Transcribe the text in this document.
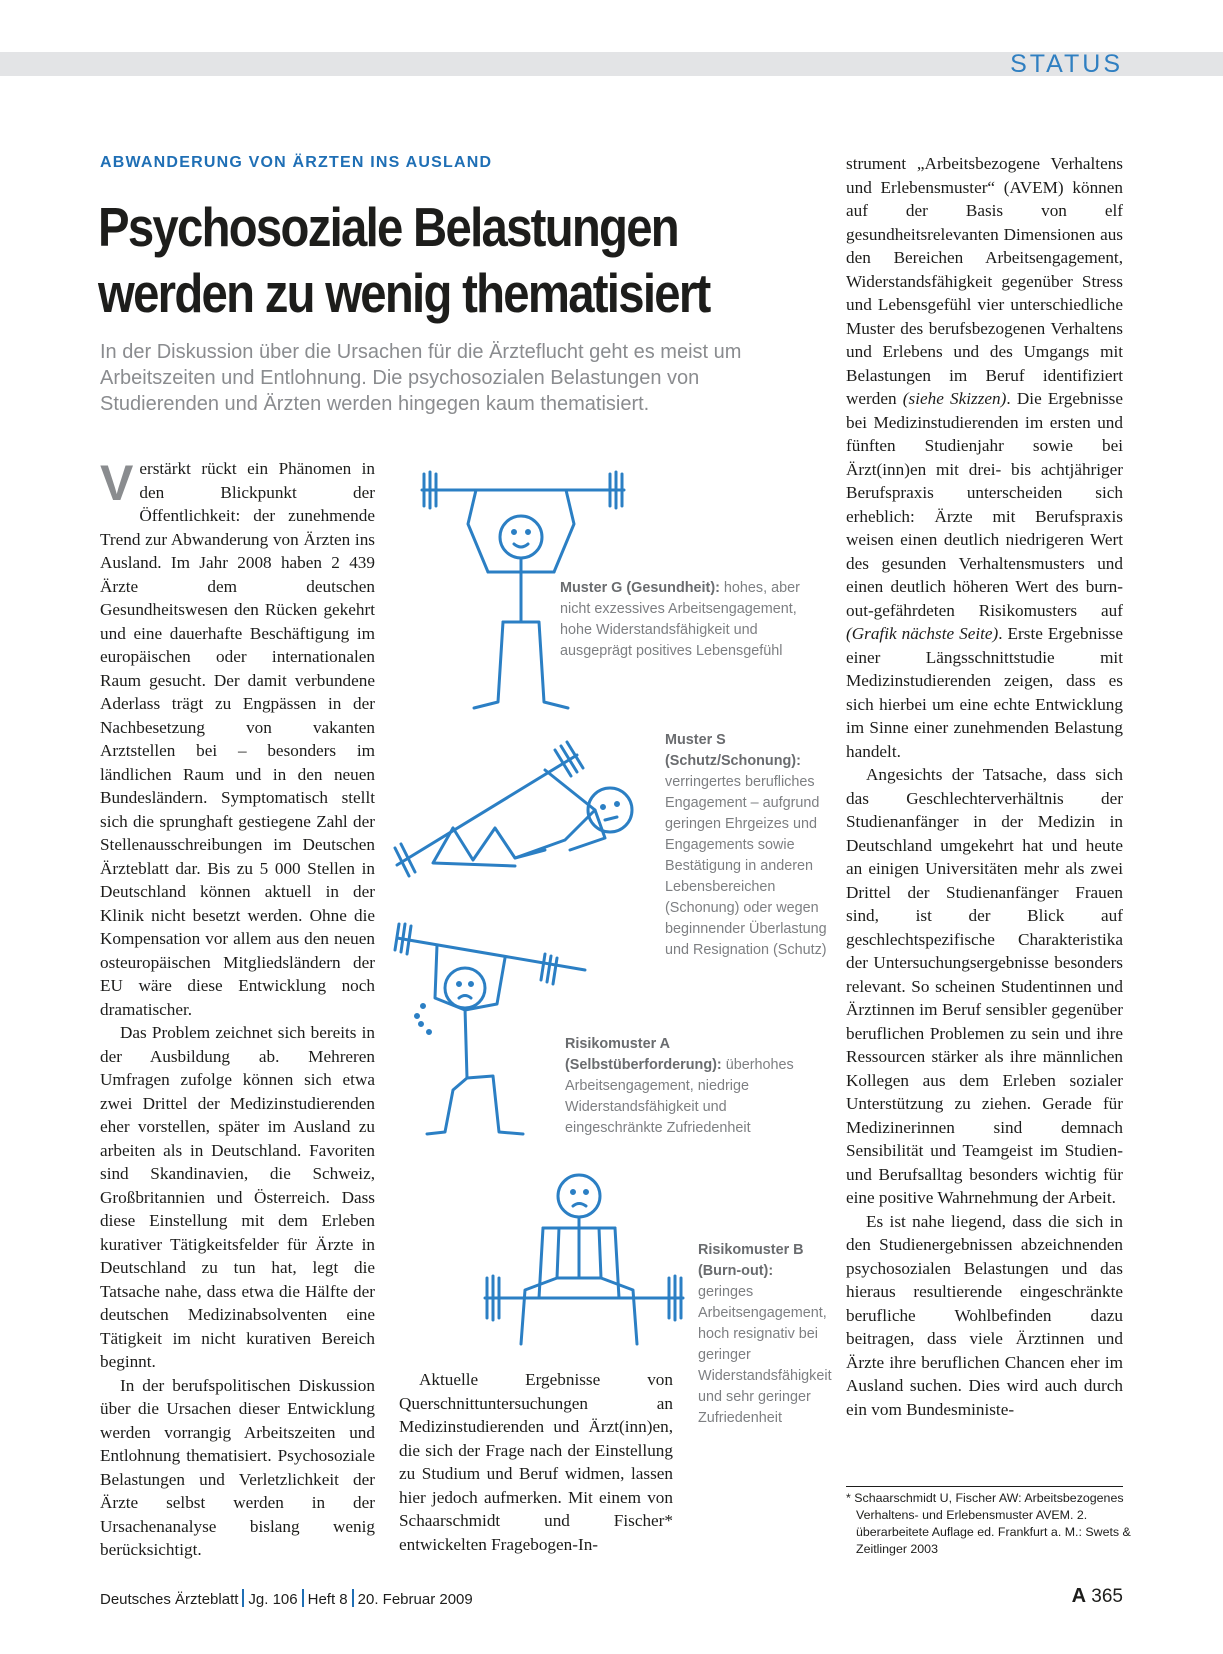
STATUS
ABWANDERUNG VON ÄRZTEN INS AUSLAND
Psychosoziale Belastungen
werden zu wenig thematisiert
In der Diskussion über die Ursachen für die Ärzteflucht geht es meist um Arbeitszeiten und Entlohnung. Die psychosozialen Belastungen von Studierenden und Ärzten werden hingegen kaum thematisiert.

Verstärkt rückt ein Phänomen in den Blickpunkt der Öffentlichkeit: der zunehmende Trend zur Abwanderung von Ärzten ins Ausland. Im Jahr 2008 haben 2 439 Ärzte dem deutschen Gesundheitswesen den Rücken gekehrt und eine dauerhafte Beschäftigung im europäischen oder internationalen Raum gesucht. Der damit verbundene Aderlass trägt zu Engpässen in der Nachbesetzung von vakanten Arztstellen bei – besonders im ländlichen Raum und in den neuen Bundesländern. Symptomatisch stellt sich die sprunghaft gestiegene Zahl der Stellenausschreibungen im Deutschen Ärzteblatt dar. Bis zu 5 000 Stellen in Deutschland können aktuell in der Klinik nicht besetzt werden. Ohne die Kompensation vor allem aus den neuen osteuropäischen Mitgliedsländern der EU wäre diese Entwicklung noch dramatischer.

Das Problem zeichnet sich bereits in der Ausbildung ab. Mehreren Umfragen zufolge können sich etwa zwei Drittel der Medizinstudierenden eher vorstellen, später im Ausland zu arbeiten als in Deutschland. Favoriten sind Skandinavien, die Schweiz, Großbritannien und Österreich. Dass diese Einstellung mit dem Erleben kurativer Tätigkeitsfelder für Ärzte in Deutschland zu tun hat, legt die Tatsache nahe, dass etwa die Hälfte der deutschen Medizinabsolventen eine Tätigkeit im nicht kurativen Bereich beginnt.

In der berufspolitischen Diskussion über die Ursachen dieser Entwicklung werden vorrangig Arbeitszeiten und Entlohnung thematisiert. Psychosoziale Belastungen und Verletzlichkeit der Ärzte selbst werden in der Ursachenanalyse bislang wenig berücksichtigt.

Muster G (Gesundheit): hohes, aber nicht exzessives Arbeitsengagement, hohe Widerstandsfähigkeit und ausgeprägt positives Lebensgefühl
Muster S (Schutz/Schonung): verringertes berufliches Engagement – aufgrund geringen Ehrgeizes und Engagements sowie Bestätigung in anderen Lebensbereichen (Schonung) oder wegen beginnender Überlastung und Resignation (Schutz)
Risikomuster A (Selbstüberforderung): überhohes Arbeitsengagement, niedrige Widerstandsfähigkeit und eingeschränkte Zufriedenheit
Risikomuster B (Burn-out): geringes Arbeitsengagement, hoch resignativ bei geringer Widerstandsfähigkeit und sehr geringer Zufriedenheit

Aktuelle Ergebnisse von Querschnittuntersuchungen an Medizinstudierenden und Ärzt(inn)en, die sich der Frage nach der Einstellung zu Studium und Beruf widmen, lassen hier jedoch aufmerken. Mit einem von Schaarschmidt und Fischer* entwickelten Fragebogen-In-

strument „Arbeitsbezogene Verhaltens und Erlebensmuster“ (AVEM) können auf der Basis von elf gesundheitsrelevanten Dimensionen aus den Bereichen Arbeitsengagement, Widerstandsfähigkeit gegenüber Stress und Lebensgefühl vier unterschiedliche Muster des berufsbezogenen Verhaltens und Erlebens und des Umgangs mit Belastungen im Beruf identifiziert werden (siehe Skizzen). Die Ergebnisse bei Medizinstudierenden im ersten und fünften Studienjahr sowie bei Ärzt(inn)en mit drei- bis achtjähriger Berufspraxis unterscheiden sich erheblich: Ärzte mit Berufspraxis weisen einen deutlich niedrigeren Wert des gesunden Verhaltensmusters und einen deutlich höheren Wert des burn-out-gefährdeten Risikomusters auf (Grafik nächste Seite). Erste Ergebnisse einer Längsschnittstudie mit Medizinstudierenden zeigen, dass es sich hierbei um eine echte Entwicklung im Sinne einer zunehmenden Belastung handelt.

Angesichts der Tatsache, dass sich das Geschlechterverhältnis der Studienanfänger in der Medizin in Deutschland umgekehrt hat und heute an einigen Universitäten mehr als zwei Drittel der Studienanfänger Frauen sind, ist der Blick auf geschlechtspezifische Charakteristika der Untersuchungsergebnisse besonders relevant. So scheinen Studentinnen und Ärztinnen im Beruf sensibler gegenüber beruflichen Problemen zu sein und ihre Ressourcen stärker als ihre männlichen Kollegen aus dem Erleben sozialer Unterstützung zu ziehen. Gerade für Medizinerinnen sind demnach Sensibilität und Teamgeist im Studien- und Berufsalltag besonders wichtig für eine positive Wahrnehmung der Arbeit.

Es ist nahe liegend, dass die sich in den Studienergebnissen abzeichnenden psychosozialen Belastungen und das hieraus resultierende eingeschränkte berufliche Wohlbefinden dazu beitragen, dass viele Ärztinnen und Ärzte ihre beruflichen Chancen eher im Ausland suchen. Dies wird auch durch ein vom Bundesministe-

* Schaarschmidt U, Fischer AW: Arbeitsbezogenes Verhaltens- und Erlebensmuster AVEM. 2. überarbeitete Auflage ed. Frankfurt a. M.: Swets & Zeitlinger 2003
Deutsches Ärzteblatt Jg. 106 Heft 8 20. Februar 2009	A 365
